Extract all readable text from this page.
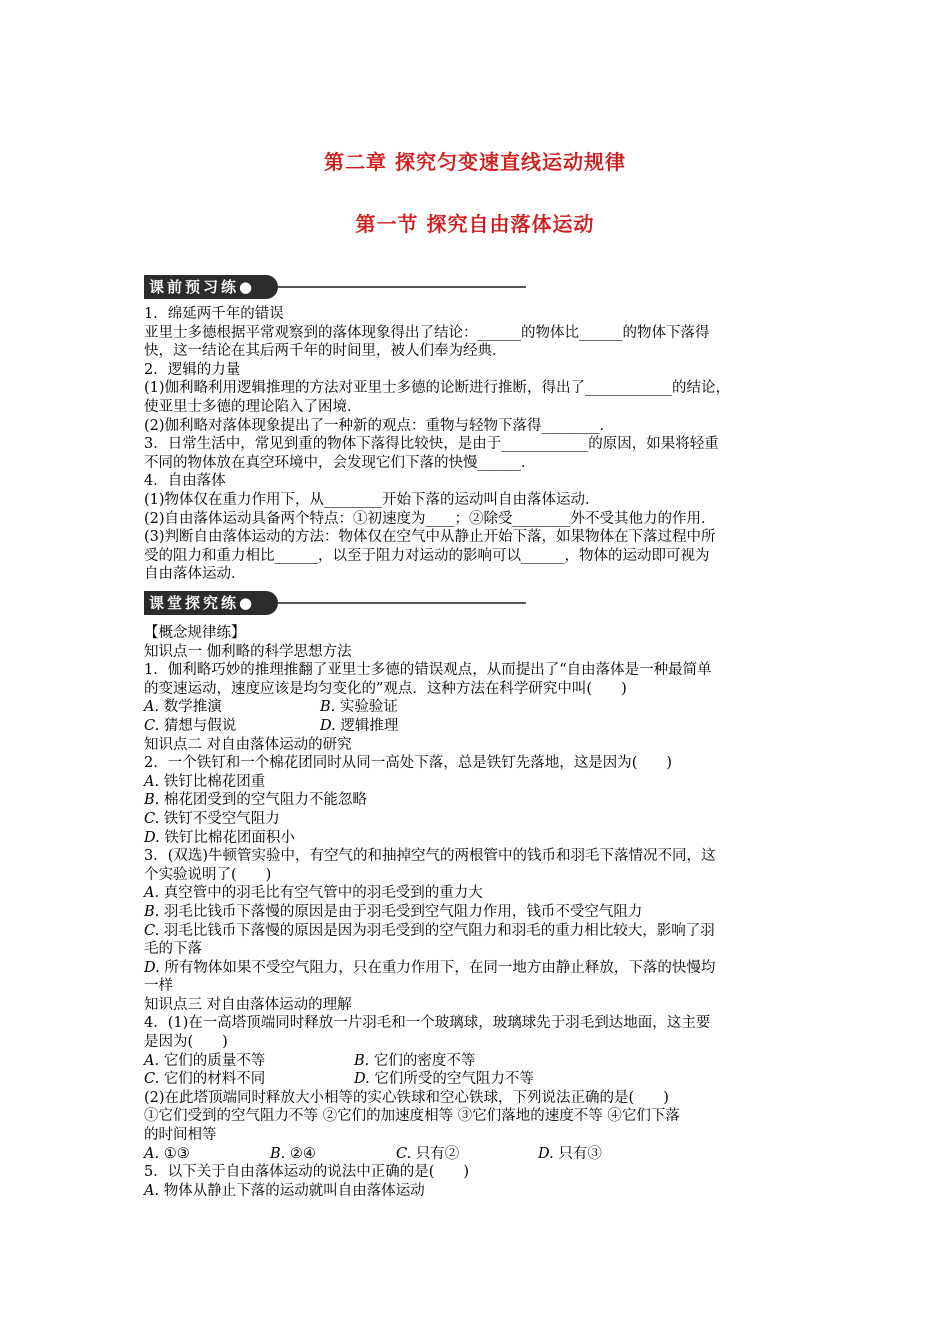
第二章 探究匀变速直线运动规律
第一节 探究自由落体运动
课前预习练●

1．绵延两千年的错误

亚里士多德根据平常观察到的落体现象得出了结论：______的物体比______的物体下落得

快，这一结论在其后两千年的时间里，被人们奉为经典．

2．逻辑的力量

(1)伽利略利用逻辑推理的方法对亚里士多德的论断进行推断，得出了____________的结论，

使亚里士多德的理论陷入了困境．

(2)伽利略对落体现象提出了一种新的观点：重物与轻物下落得________．

3．日常生活中，常见到重的物体下落得比较快，是由于____________的原因，如果将轻重

不同的物体放在真空环境中，会发现它们下落的快慢______．

4．自由落体

(1)物体仅在重力作用下，从________开始下落的运动叫自由落体运动．

(2)自由落体运动具备两个特点：①初速度为____；②除受________外不受其他力的作用．

(3)判断自由落体运动的方法：物体仅在空气中从静止开始下落，如果物体在下落过程中所

受的阻力和重力相比______，以至于阻力对运动的影响可以______，物体的运动即可视为

自由落体运动．

课堂探究练●

【概念规律练】

知识点一 伽利略的科学思想方法

1．伽利略巧妙的推理推翻了亚里士多德的错误观点，从而提出了“自由落体是一种最简单

的变速运动，速度应该是均匀变化的”观点．这种方法在科学研究中叫(　　)

A. 数学推演	B. 实验验证

C. 猜想与假说	D. 逻辑推理

知识点二 对自由落体运动的研究

2．一个铁钉和一个棉花团同时从同一高处下落，总是铁钉先落地，这是因为(　　)

A. 铁钉比棉花团重

B. 棉花团受到的空气阻力不能忽略

C. 铁钉不受空气阻力

D. 铁钉比棉花团面积小

3．(双选)牛顿管实验中，有空气的和抽掉空气的两根管中的钱币和羽毛下落情况不同，这

个实验说明了(　　)

A. 真空管中的羽毛比有空气管中的羽毛受到的重力大

B. 羽毛比钱币下落慢的原因是由于羽毛受到空气阻力作用，钱币不受空气阻力

C. 羽毛比钱币下落慢的原因是因为羽毛受到的空气阻力和羽毛的重力相比较大，影响了羽

毛的下落

D. 所有物体如果不受空气阻力，只在重力作用下，在同一地方由静止释放，下落的快慢均

一样

知识点三 对自由落体运动的理解

4．(1)在一高塔顶端同时释放一片羽毛和一个玻璃球，玻璃球先于羽毛到达地面，这主要

是因为(　　)

A. 它们的质量不等	B. 它们的密度不等

C. 它们的材料不同	D. 它们所受的空气阻力不等

(2)在此塔顶端同时释放大小相等的实心铁球和空心铁球，下列说法正确的是(　　)

①它们受到的空气阻力不等 ②它们的加速度相等 ③它们落地的速度不等 ④它们下落

的时间相等

A. ①③	B. ②④	C. 只有②	D. 只有③

5．以下关于自由落体运动的说法中正确的是(　　)

A. 物体从静止下落的运动就叫自由落体运动
